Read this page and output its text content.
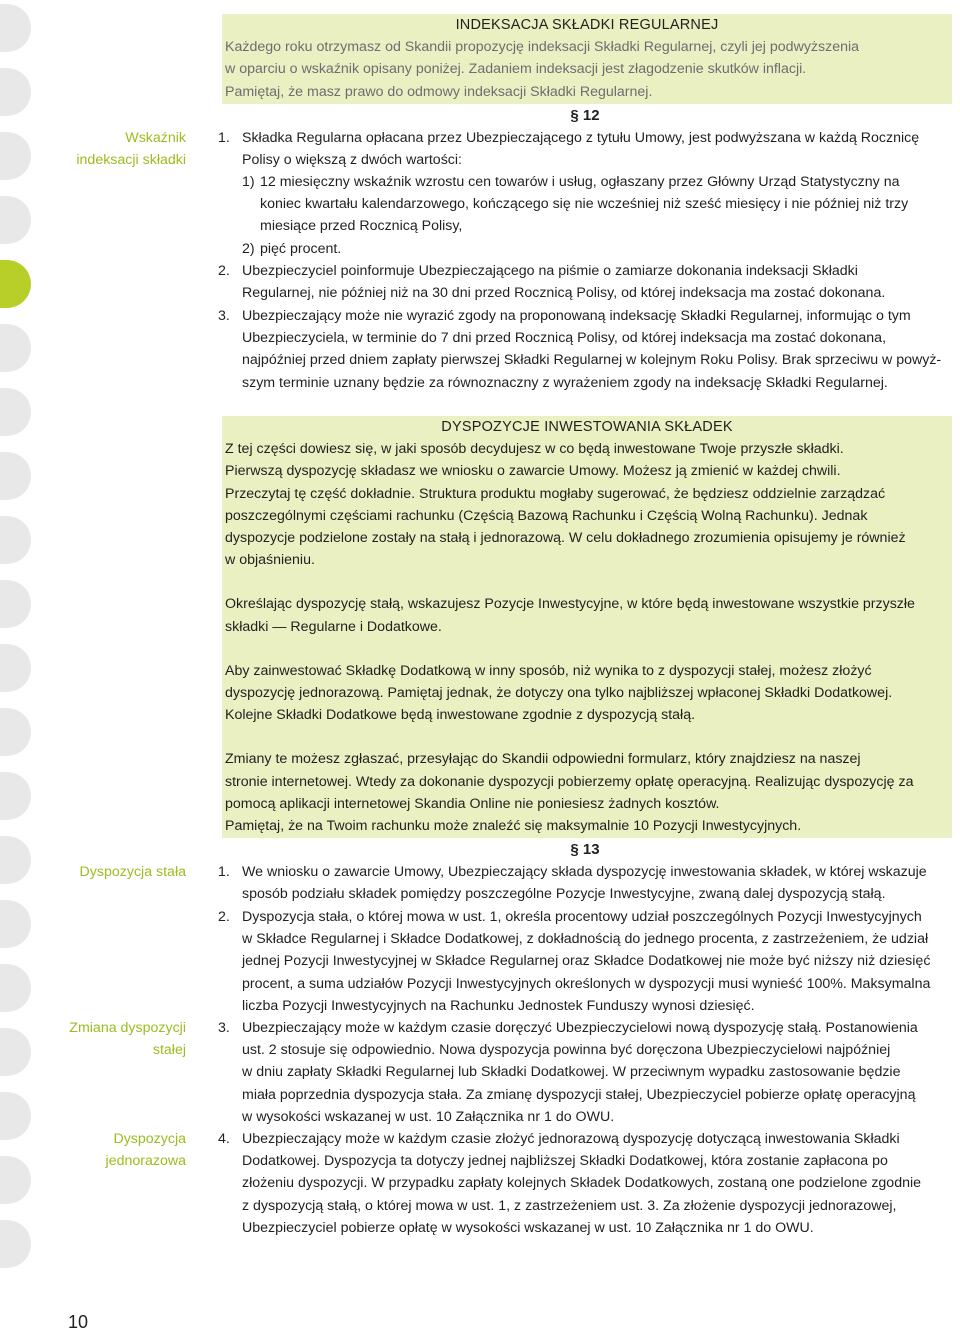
Wskaźnik
indeksacji składki
Dyspozycja stała
Zmiana dyspozycji
stałej
Dyspozycja
jednorazowa
INDEKSACJA SKŁADKI REGULARNEJ
Każdego roku otrzymasz od Skandii propozycję indeksacji Składki Regularnej, czyli jej podwyższenia
w oparciu o wskaźnik opisany poniżej. Zadaniem indeksacji jest złagodzenie skutków inflacji.
Pamiętaj, że masz prawo do odmowy indeksacji Składki Regularnej.
§ 12
1. Składka Regularna opłacana przez Ubezpieczającego z tytułu Umowy, jest podwyższana w każdą Rocznicę
Polisy o większą z dwóch wartości:
1) 12 miesięczny wskaźnik wzrostu cen towarów i usług, ogłaszany przez Główny Urząd Statystyczny na
koniec kwartału kalendarzowego, kończącego się nie wcześniej niż sześć miesięcy i nie później niż trzy
miesiące przed Rocznicą Polisy,
2) pięć procent.
2. Ubezpieczyciel poinformuje Ubezpieczającego na piśmie o zamiarze dokonania indeksacji Składki
Regularnej, nie później niż na 30 dni przed Rocznicą Polisy, od której indeksacja ma zostać dokonana.
3. Ubezpieczający może nie wyrazić zgody na proponowaną indeksację Składki Regularnej, informując o tym
Ubezpieczyciela, w terminie do 7 dni przed Rocznicą Polisy, od której indeksacja ma zostać dokonana,
najpóźniej przed dniem zapłaty pierwszej Składki Regularnej w kolejnym Roku Polisy. Brak sprzeciwu w powyż-
szym terminie uznany będzie za równoznaczny z wyrażeniem zgody na indeksację Składki Regularnej.
DYSPOZYCJE INWESTOWANIA SKŁADEK
Z tej części dowiesz się, w jaki sposób decydujesz w co będą inwestowane Twoje przyszłe składki.
Pierwszą dyspozycję składasz we wniosku o zawarcie Umowy. Możesz ją zmienić w każdej chwili.
Przeczytaj tę część dokładnie. Struktura produktu mogłaby sugerować, że będziesz oddzielnie zarządzać
poszczególnymi częściami rachunku (Częścią Bazową Rachunku i Częścią Wolną Rachunku). Jednak
dyspozycje podzielone zostały na stałą i jednorazową. W celu dokładnego zrozumienia opisujemy je również
w objaśnieniu.
Określając dyspozycję stałą, wskazujesz Pozycje Inwestycyjne, w które będą inwestowane wszystkie przyszłe
składki — Regularne i Dodatkowe.
Aby zainwestować Składkę Dodatkową w inny sposób, niż wynika to z dyspozycji stałej, możesz złożyć
dyspozycję jednorazową. Pamiętaj jednak, że dotyczy ona tylko najbliższej wpłaconej Składki Dodatkowej.
Kolejne Składki Dodatkowe będą inwestowane zgodnie z dyspozycją stałą.
Zmiany te możesz zgłaszać, przesyłając do Skandii odpowiedni formularz, który znajdziesz na naszej
stronie internetowej. Wtedy za dokonanie dyspozycji pobierzemy opłatę operacyjną. Realizując dyspozycję za
pomocą aplikacji internetowej Skandia Online nie poniesiesz żadnych kosztów.
Pamiętaj, że na Twoim rachunku może znaleźć się maksymalnie 10 Pozycji Inwestycyjnych.
§ 13
1. We wniosku o zawarcie Umowy, Ubezpieczający składa dyspozycję inwestowania składek, w której wskazuje
sposób podziału składek pomiędzy poszczególne Pozycje Inwestycyjne, zwaną dalej dyspozycją stałą.
2. Dyspozycja stała, o której mowa w ust. 1, określa procentowy udział poszczególnych Pozycji Inwestycyjnych
w Składce Regularnej i Składce Dodatkowej, z dokładnością do jednego procenta, z zastrzeżeniem, że udział
jednej Pozycji Inwestycyjnej w Składce Regularnej oraz Składce Dodatkowej nie może być niższy niż dziesięć
procent, a suma udziałów Pozycji Inwestycyjnych określonych w dyspozycji musi wynieść 100%. Maksymalna
liczba Pozycji Inwestycyjnych na Rachunku Jednostek Funduszy wynosi dziesięć.
3. Ubezpieczający może w każdym czasie doręczyć Ubezpieczycielowi nową dyspozycję stałą. Postanowienia
ust. 2 stosuje się odpowiednio. Nowa dyspozycja powinna być doręczona Ubezpieczycielowi najpóźniej
w dniu zapłaty Składki Regularnej lub Składki Dodatkowej. W przeciwnym wypadku zastosowanie będzie
miała poprzednia dyspozycja stała. Za zmianę dyspozycji stałej, Ubezpieczyciel pobierze opłatę operacyjną
w wysokości wskazanej w ust. 10 Załącznika nr 1 do OWU.
4. Ubezpieczający może w każdym czasie złożyć jednorazową dyspozycję dotyczącą inwestowania Składki
Dodatkowej. Dyspozycja ta dotyczy jednej najbliższej Składki Dodatkowej, która zostanie zapłacona po
złożeniu dyspozycji. W przypadku zapłaty kolejnych Składek Dodatkowych, zostaną one podzielone zgodnie
z dyspozycją stałą, o której mowa w ust. 1, z zastrzeżeniem ust. 3. Za złożenie dyspozycji jednorazowej,
Ubezpieczyciel pobierze opłatę w wysokości wskazanej w ust. 10 Załącznika nr 1 do OWU.
10
